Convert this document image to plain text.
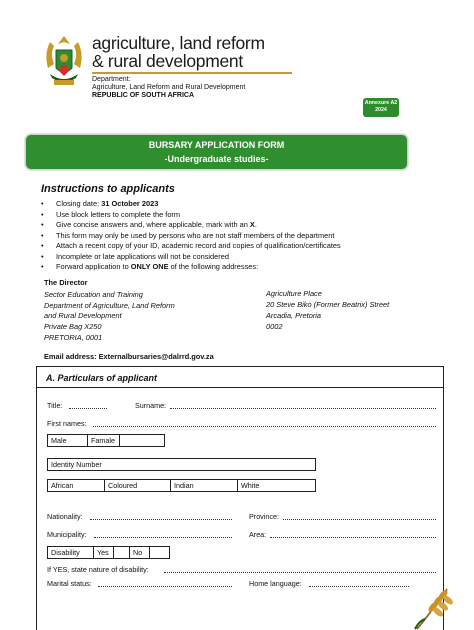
agriculture, land reform
& rural development
Department:
Agriculture, Land Reform and Rural Development
REPUBLIC OF SOUTH AFRICA
Annexure A2
2024
BURSARY APPLICATION FORM
-Undergraduate studies-
Instructions to applicants
• Closing date: 31 October 2023
• Use block letters to complete the form
• Give concise answers and, where applicable, mark with an X.
• This form may only be used by persons who are not staff members of the department
• Attach a recent copy of your ID, academic record and copies of qualification/certificates
• Incomplete or late applications will not be considered
• Forward application to ONLY ONE of the following addresses:
The Director
Sector Education and Training
Department of Agriculture, Land Reform
and Rural Development
Private Bag X250
PRETORIA, 0001
Agriculture Place
20 Steve Biko (Former Beatrix) Street
Arcadia, Pretoria
0002
Email address: Externalbursaries@dalrrd.gov.za
A. Particulars of applicant
Title:	Surname:
First names:
Male	Famale
Identity Number
African	Coloured	Indian	White
Nationality:	Province:
Municipality:	Area:
Disability	Yes	No
If YES, state nature of disability:
Marital status:	Home language:
